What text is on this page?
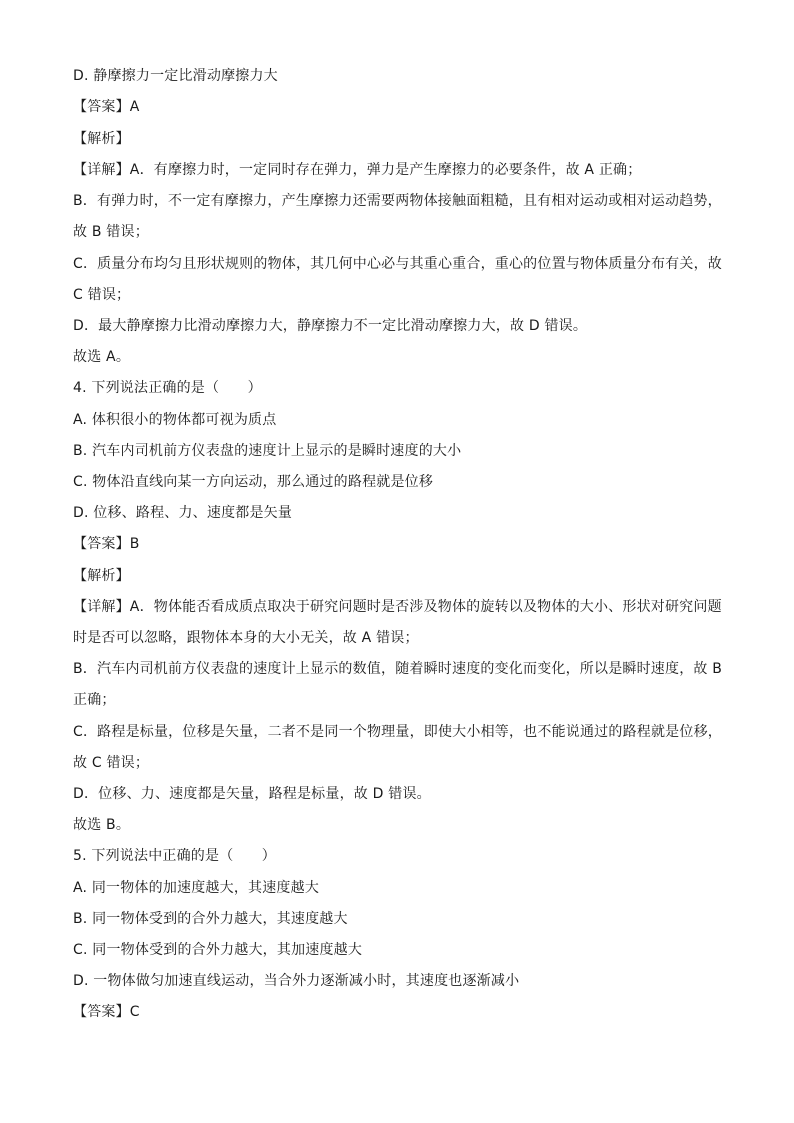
D. 静摩擦力一定比滑动摩擦力大
【答案】A
【解析】
【详解】A．有摩擦力时，一定同时存在弹力，弹力是产生摩擦力的必要条件，故 A 正确；
B．有弹力时，不一定有摩擦力，产生摩擦力还需要两物体接触面粗糙，且有相对运动或相对运动趋势，
故 B 错误；
C．质量分布均匀且形状规则的物体，其几何中心必与其重心重合，重心的位置与物体质量分布有关，故
C 错误；
D．最大静摩擦力比滑动摩擦力大，静摩擦力不一定比滑动摩擦力大，故 D 错误。
故选 A。
4. 下列说法正确的是（　　）
A. 体积很小的物体都可视为质点
B. 汽车内司机前方仪表盘的速度计上显示的是瞬时速度的大小
C. 物体沿直线向某一方向运动，那么通过的路程就是位移
D. 位移、路程、力、速度都是矢量
【答案】B
【解析】
【详解】A．物体能否看成质点取决于研究问题时是否涉及物体的旋转以及物体的大小、形状对研究问题
时是否可以忽略，跟物体本身的大小无关，故 A 错误；
B．汽车内司机前方仪表盘的速度计上显示的数值，随着瞬时速度的变化而变化，所以是瞬时速度，故 B
正确；
C．路程是标量，位移是矢量，二者不是同一个物理量，即使大小相等，也不能说通过的路程就是位移，
故 C 错误；
D．位移、力、速度都是矢量，路程是标量，故 D 错误。
故选 B。
5. 下列说法中正确的是（　　）
A. 同一物体的加速度越大，其速度越大
B. 同一物体受到的合外力越大，其速度越大
C. 同一物体受到的合外力越大，其加速度越大
D. 一物体做匀加速直线运动，当合外力逐渐减小时，其速度也逐渐减小
【答案】C
